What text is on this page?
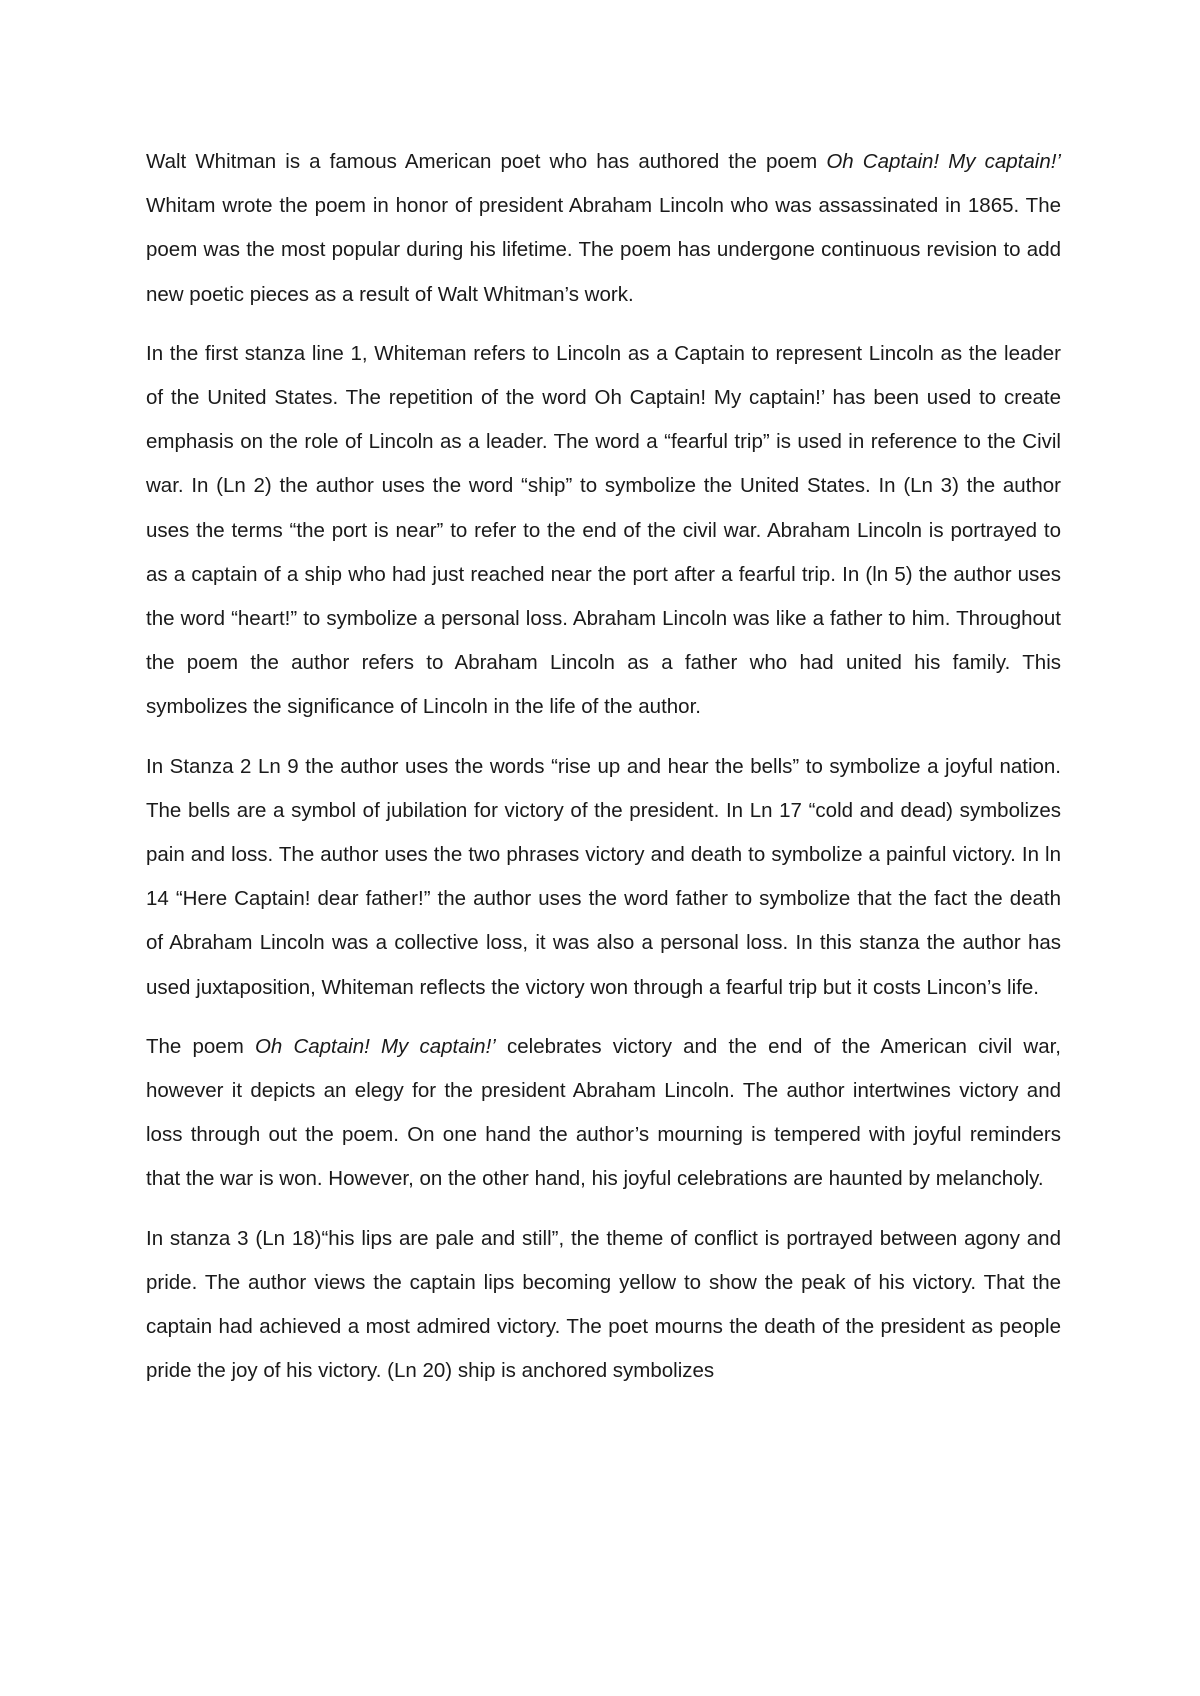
Walt Whitman is a famous American poet who has authored the poem Oh Captain! My captain!’ Whitam wrote the poem in honor of president Abraham Lincoln who was assassinated in 1865. The poem was the most popular during his lifetime. The poem has undergone continuous revision to add new poetic pieces as a result of Walt Whitman’s work.

In the first stanza line 1, Whiteman refers to Lincoln as a Captain to represent Lincoln as the leader of the United States. The repetition of the word Oh Captain! My captain!’ has been used to create emphasis on the role of Lincoln as a leader. The word a “fearful trip” is used in reference to the Civil war. In (Ln 2) the author uses the word “ship” to symbolize the United States. In (Ln 3) the author uses the terms “the port is near” to refer to the end of the civil war. Abraham Lincoln is portrayed to as a captain of a ship who had just reached near the port after a fearful trip. In (ln 5) the author uses the word “heart!” to symbolize a personal loss. Abraham Lincoln was like a father to him. Throughout the poem the author refers to Abraham Lincoln as a father who had united his family. This symbolizes the significance of Lincoln in the life of the author.

In Stanza 2 Ln 9 the author uses the words “rise up and hear the bells” to symbolize a joyful nation. The bells are a symbol of jubilation for victory of the president. In Ln 17 “cold and dead) symbolizes pain and loss. The author uses the two phrases victory and death to symbolize a painful victory. In ln 14 “Here Captain! dear father!” the author uses the word father to symbolize that the fact the death of Abraham Lincoln was a collective loss, it was also a personal loss. In this stanza the author has used juxtaposition, Whiteman reflects the victory won through a fearful trip but it costs Lincon’s life.

The poem Oh Captain! My captain!’ celebrates victory and the end of the American civil war, however it depicts an elegy for the president Abraham Lincoln. The author intertwines victory and loss through out the poem. On one hand the author’s mourning is tempered with joyful reminders that the war is won. However, on the other hand, his joyful celebrations are haunted by melancholy.

In stanza 3 (Ln 18)“his lips are pale and still”, the theme of conflict is portrayed between agony and pride. The author views the captain lips becoming yellow to show the peak of his victory. That the captain had achieved a most admired victory. The poet mourns the death of the president as people pride the joy of his victory. (Ln 20) ship is anchored symbolizes
